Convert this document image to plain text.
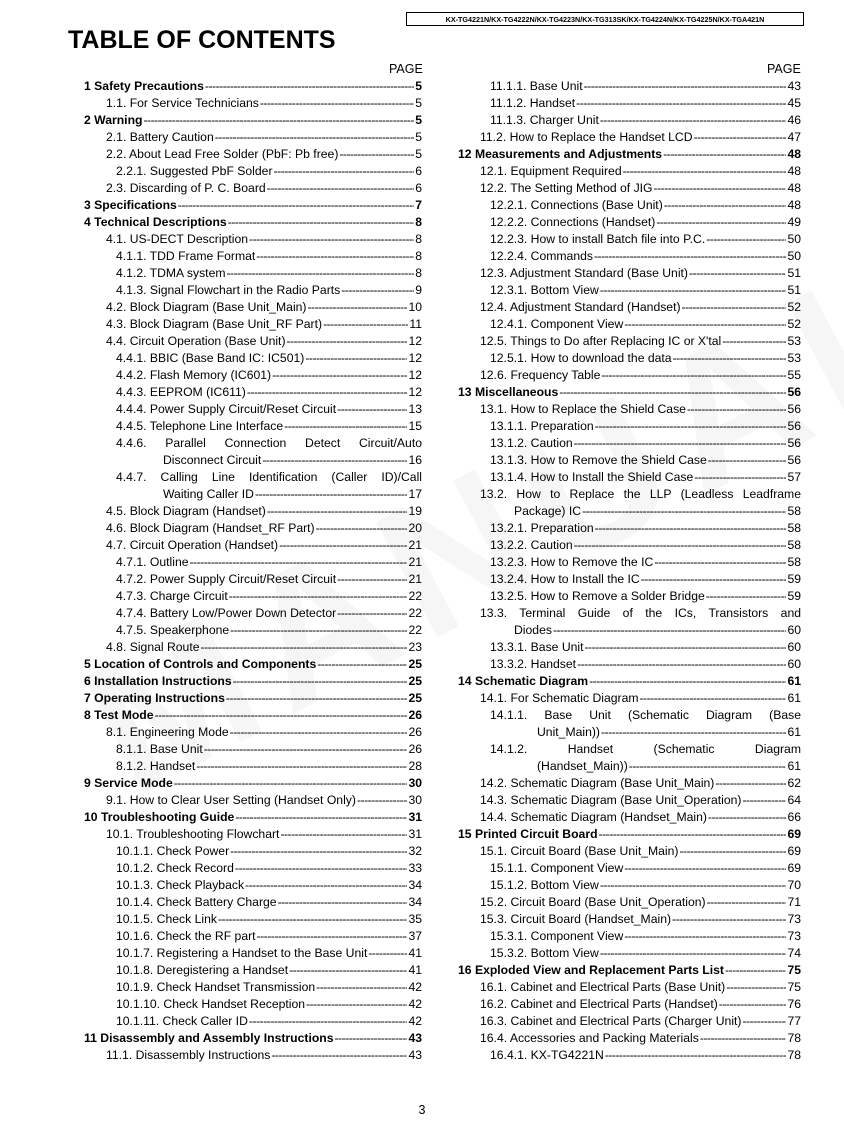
KX-TG4221N/KX-TG4222N/KX-TG4223N/KX-TG313SK/KX-TG4224N/KX-TG4225N/KX-TGA421N
TABLE OF CONTENTS
PAGE	PAGE
1 Safety Precautions -----	5
1.1. For Service Technicians -----	5
2 Warning -----	5
2.1. Battery Caution -----	5
2.2. About Lead Free Solder (PbF: Pb free) -----	5
2.2.1. Suggested PbF Solder -----	6
2.3. Discarding of P. C. Board -----	6
3 Specifications -----	7
4 Technical Descriptions -----	8
4.1. US-DECT Description -----	8
4.1.1. TDD Frame Format -----	8
4.1.2. TDMA system -----	8
4.1.3. Signal Flowchart in the Radio Parts -----	9
4.2. Block Diagram (Base Unit_Main) -----	10
4.3. Block Diagram (Base Unit_RF Part) -----	11
4.4. Circuit Operation (Base Unit) -----	12
4.4.1. BBIC (Base Band IC: IC501) -----	12
4.4.2. Flash Memory (IC601) -----	12
4.4.3. EEPROM (IC611) -----	12
4.4.4. Power Supply Circuit/Reset Circuit -----	13
4.4.5. Telephone Line Interface -----	15
4.4.6. Parallel Connection Detect Circuit/Auto
Disconnect Circuit -----	16
4.4.7. Calling Line Identification (Caller ID)/Call
Waiting Caller ID -----	17
4.5. Block Diagram (Handset) -----	19
4.6. Block Diagram (Handset_RF Part) -----	20
4.7. Circuit Operation (Handset) -----	21
4.7.1. Outline -----	21
4.7.2. Power Supply Circuit/Reset Circuit -----	21
4.7.3. Charge Circuit -----	22
4.7.4. Battery Low/Power Down Detector -----	22
4.7.5. Speakerphone -----	22
4.8. Signal Route -----	23
5 Location of Controls and Components -----	25
6 Installation Instructions -----	25
7 Operating Instructions -----	25
8 Test Mode -----	26
8.1. Engineering Mode -----	26
8.1.1. Base Unit -----	26
8.1.2. Handset -----	28
9 Service Mode -----	30
9.1. How to Clear User Setting (Handset Only) -----	30
10 Troubleshooting Guide -----	31
10.1. Troubleshooting Flowchart -----	31
10.1.1. Check Power -----	32
10.1.2. Check Record -----	33
10.1.3. Check Playback -----	34
10.1.4. Check Battery Charge -----	34
10.1.5. Check Link -----	35
10.1.6. Check the RF part -----	37
10.1.7. Registering a Handset to the Base Unit -----	41
10.1.8. Deregistering a Handset -----	41
10.1.9. Check Handset Transmission -----	42
10.1.10. Check Handset Reception -----	42
10.1.11. Check Caller ID -----	42
11 Disassembly and Assembly Instructions -----	43
11.1. Disassembly Instructions -----	43
11.1.1. Base Unit -----	43
11.1.2. Handset -----	45
11.1.3. Charger Unit -----	46
11.2. How to Replace the Handset LCD -----	47
12 Measurements and Adjustments -----	48
12.1. Equipment Required -----	48
12.2. The Setting Method of JIG -----	48
12.2.1. Connections (Base Unit) -----	48
12.2.2. Connections (Handset) -----	49
12.2.3. How to install Batch file into P.C. -----	50
12.2.4. Commands -----	50
12.3. Adjustment Standard (Base Unit) -----	51
12.3.1. Bottom View -----	51
12.4. Adjustment Standard (Handset) -----	52
12.4.1. Component View -----	52
12.5. Things to Do after Replacing IC or X'tal -----	53
12.5.1. How to download the data -----	53
12.6. Frequency Table -----	55
13 Miscellaneous -----	56
13.1. How to Replace the Shield Case -----	56
13.1.1. Preparation -----	56
13.1.2. Caution -----	56
13.1.3. How to Remove the Shield Case -----	56
13.1.4. How to Install the Shield Case -----	57
13.2. How to Replace the LLP (Leadless Leadframe
Package) IC -----	58
13.2.1. Preparation -----	58
13.2.2. Caution -----	58
13.2.3. How to Remove the IC -----	58
13.2.4. How to Install the IC -----	59
13.2.5. How to Remove a Solder Bridge -----	59
13.3. Terminal Guide of the ICs, Transistors and
Diodes -----	60
13.3.1. Base Unit -----	60
13.3.2. Handset -----	60
14 Schematic Diagram -----	61
14.1. For Schematic Diagram -----	61
14.1.1. Base Unit (Schematic Diagram (Base
Unit_Main)) -----	61
14.1.2. Handset (Schematic Diagram
(Handset_Main)) -----	61
14.2. Schematic Diagram (Base Unit_Main) -----	62
14.3. Schematic Diagram (Base Unit_Operation) -----	64
14.4. Schematic Diagram (Handset_Main) -----	66
15 Printed Circuit Board -----	69
15.1. Circuit Board (Base Unit_Main) -----	69
15.1.1. Component View -----	69
15.1.2. Bottom View -----	70
15.2. Circuit Board (Base Unit_Operation) -----	71
15.3. Circuit Board (Handset_Main) -----	73
15.3.1. Component View -----	73
15.3.2. Bottom View -----	74
16 Exploded View and Replacement Parts List -----	75
16.1. Cabinet and Electrical Parts (Base Unit) -----	75
16.2. Cabinet and Electrical Parts (Handset) -----	76
16.3. Cabinet and Electrical Parts (Charger Unit) -----	77
16.4. Accessories and Packing Materials -----	78
16.4.1. KX-TG4221N -----	78
3
